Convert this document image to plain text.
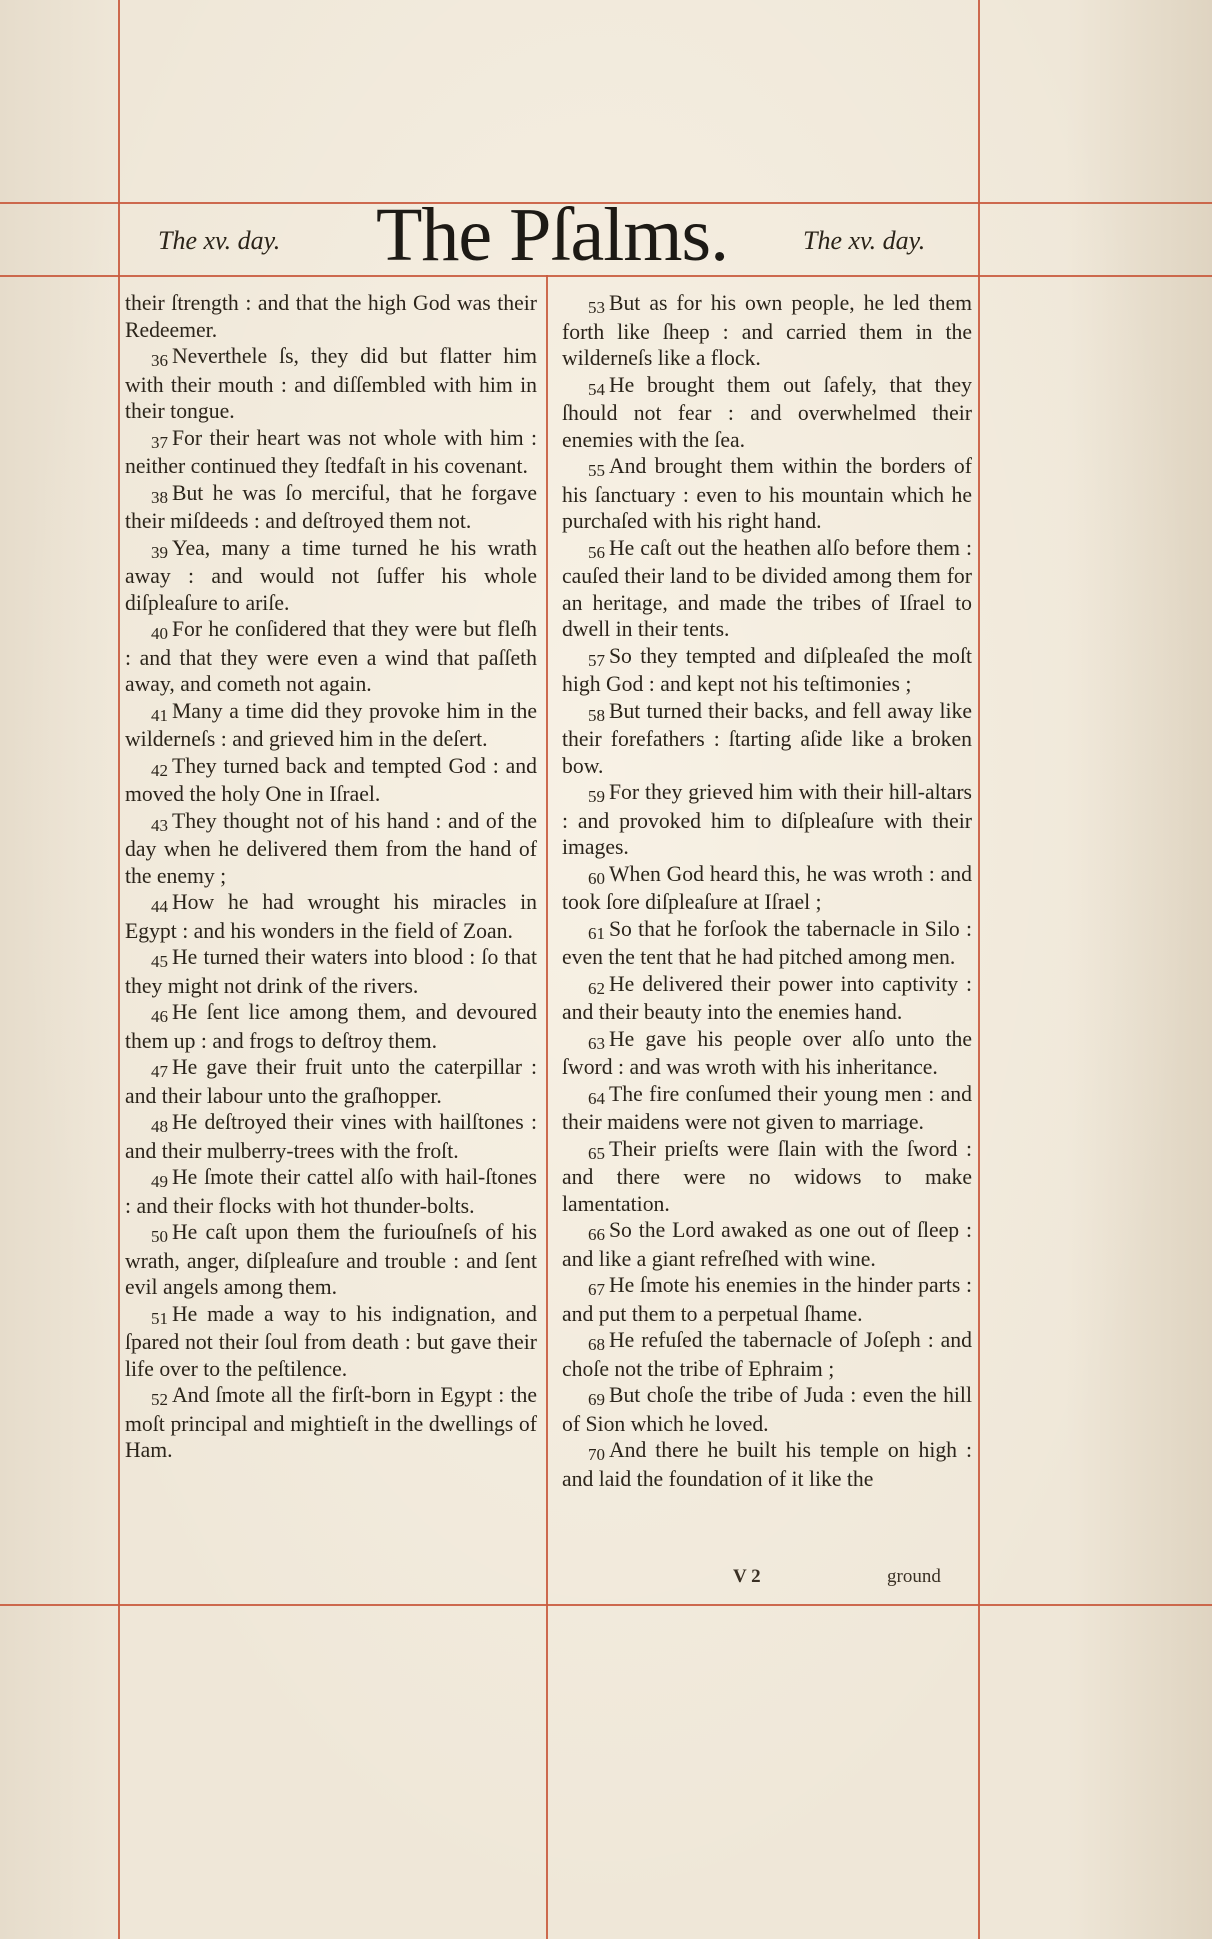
The xv. day. The Pſalms.	The xv. day.
their ſtrength : and that the high God was their Redeemer.
36 Neverthele ſs, they did but flatter him with their mouth : and diſſembled with him in their tongue.
37 For their heart was not whole with him : neither continued they ſtedfaſt in his covenant.
38 But he was ſo merciful, that he forgave their miſdeeds : and deſtroyed them not.
39 Yea, many a time turned he his wrath away : and would not ſuffer his whole diſpleaſure to ariſe.
40 For he conſidered that they were but fleſh : and that they were even a wind that paſſeth away, and cometh not again.
41 Many a time did they provoke him in the wilderneſs : and grieved him in the deſert.
42 They turned back and tempted God : and moved the holy One in Iſrael.
43 They thought not of his hand : and of the day when he delivered them from the hand of the enemy ;
44 How he had wrought his miracles in Egypt : and his wonders in the field of Zoan.
45 He turned their waters into blood : ſo that they might not drink of the rivers.
46 He ſent lice among them, and devoured them up : and frogs to deſtroy them.
47 He gave their fruit unto the caterpillar : and their labour unto the graſhopper.
48 He deſtroyed their vines with hailſtones : and their mulberry-trees with the froſt.
49 He ſmote their cattel alſo with hail-ſtones : and their flocks with hot thunder-bolts.
50 He caſt upon them the furiouſneſs of his wrath, anger, diſpleaſure and trouble : and ſent evil angels among them.
51 He made a way to his indignation, and ſpared not their ſoul from death : but gave their life over to the peſtilence.
52 And ſmote all the firſt-born in Egypt : the moſt principal and mightieſt in the dwellings of Ham.
53 But as for his own people, he led them forth like ſheep : and carried them in the wilderneſs like a flock.
54 He brought them out ſafely, that they ſhould not fear : and overwhelmed their enemies with the ſea.
55 And brought them within the borders of his ſanctuary : even to his mountain which he purchaſed with his right hand.
56 He caſt out the heathen alſo before them : cauſed their land to be divided among them for an heritage, and made the tribes of Iſrael to dwell in their tents.
57 So they tempted and diſpleaſed the moſt high God : and kept not his teſtimonies ;
58 But turned their backs, and fell away like their forefathers : ſtarting aſide like a broken bow.
59 For they grieved him with their hill-altars : and provoked him to diſpleaſure with their images.
60 When God heard this, he was wroth : and took ſore diſpleaſure at Iſrael ;
61 So that he forſook the tabernacle in Silo : even the tent that he had pitched among men.
62 He delivered their power into captivity : and their beauty into the enemies hand.
63 He gave his people over alſo unto the ſword : and was wroth with his inheritance.
64 The fire conſumed their young men : and their maidens were not given to marriage.
65 Their prieſts were ſlain with the ſword : and there were no widows to make lamentation.
66 So the Lord awaked as one out of ſleep : and like a giant refreſhed with wine.
67 He ſmote his enemies in the hinder parts : and put them to a perpetual ſhame.
68 He refuſed the tabernacle of Joſeph : and choſe not the tribe of Ephraim ;
69 But choſe the tribe of Juda : even the hill of Sion which he loved.
70 And there he built his temple on high : and laid the foundation of it like the
V 2	ground
